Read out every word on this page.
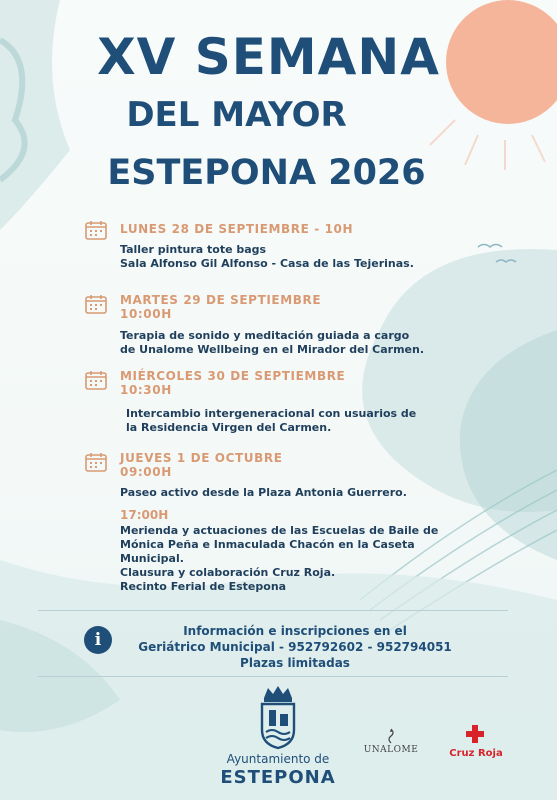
XV SEMANA
DEL MAYOR
ESTEPONA 2026
LUNES 28 DE SEPTIEMBRE - 10H
Taller pintura tote bags
Sala Alfonso Gil Alfonso - Casa de las Tejerinas.
MARTES 29 DE SEPTIEMBRE
10:00H
Terapia de sonido y meditación guiada a cargo
de Unalome Wellbeing en el Mirador del Carmen.
MIÉRCOLES 30 DE SEPTIEMBRE
10:30H
Intercambio intergeneracional con usuarios de
la Residencia Virgen del Carmen.
JUEVES 1 DE OCTUBRE
09:00H
Paseo activo desde la Plaza Antonia Guerrero.
17:00H
Merienda y actuaciones de las Escuelas de Baile de
Mónica Peña e Inmaculada Chacón en la Caseta
Municipal.
Clausura y colaboración Cruz Roja.
Recinto Ferial de Estepona
i	Información e inscripciones en el
Geriátrico Municipal - 952792602 - 952794051
Plazas limitadas
Ayuntamiento de
ESTEPONA
UNALOME	Cruz Roja
